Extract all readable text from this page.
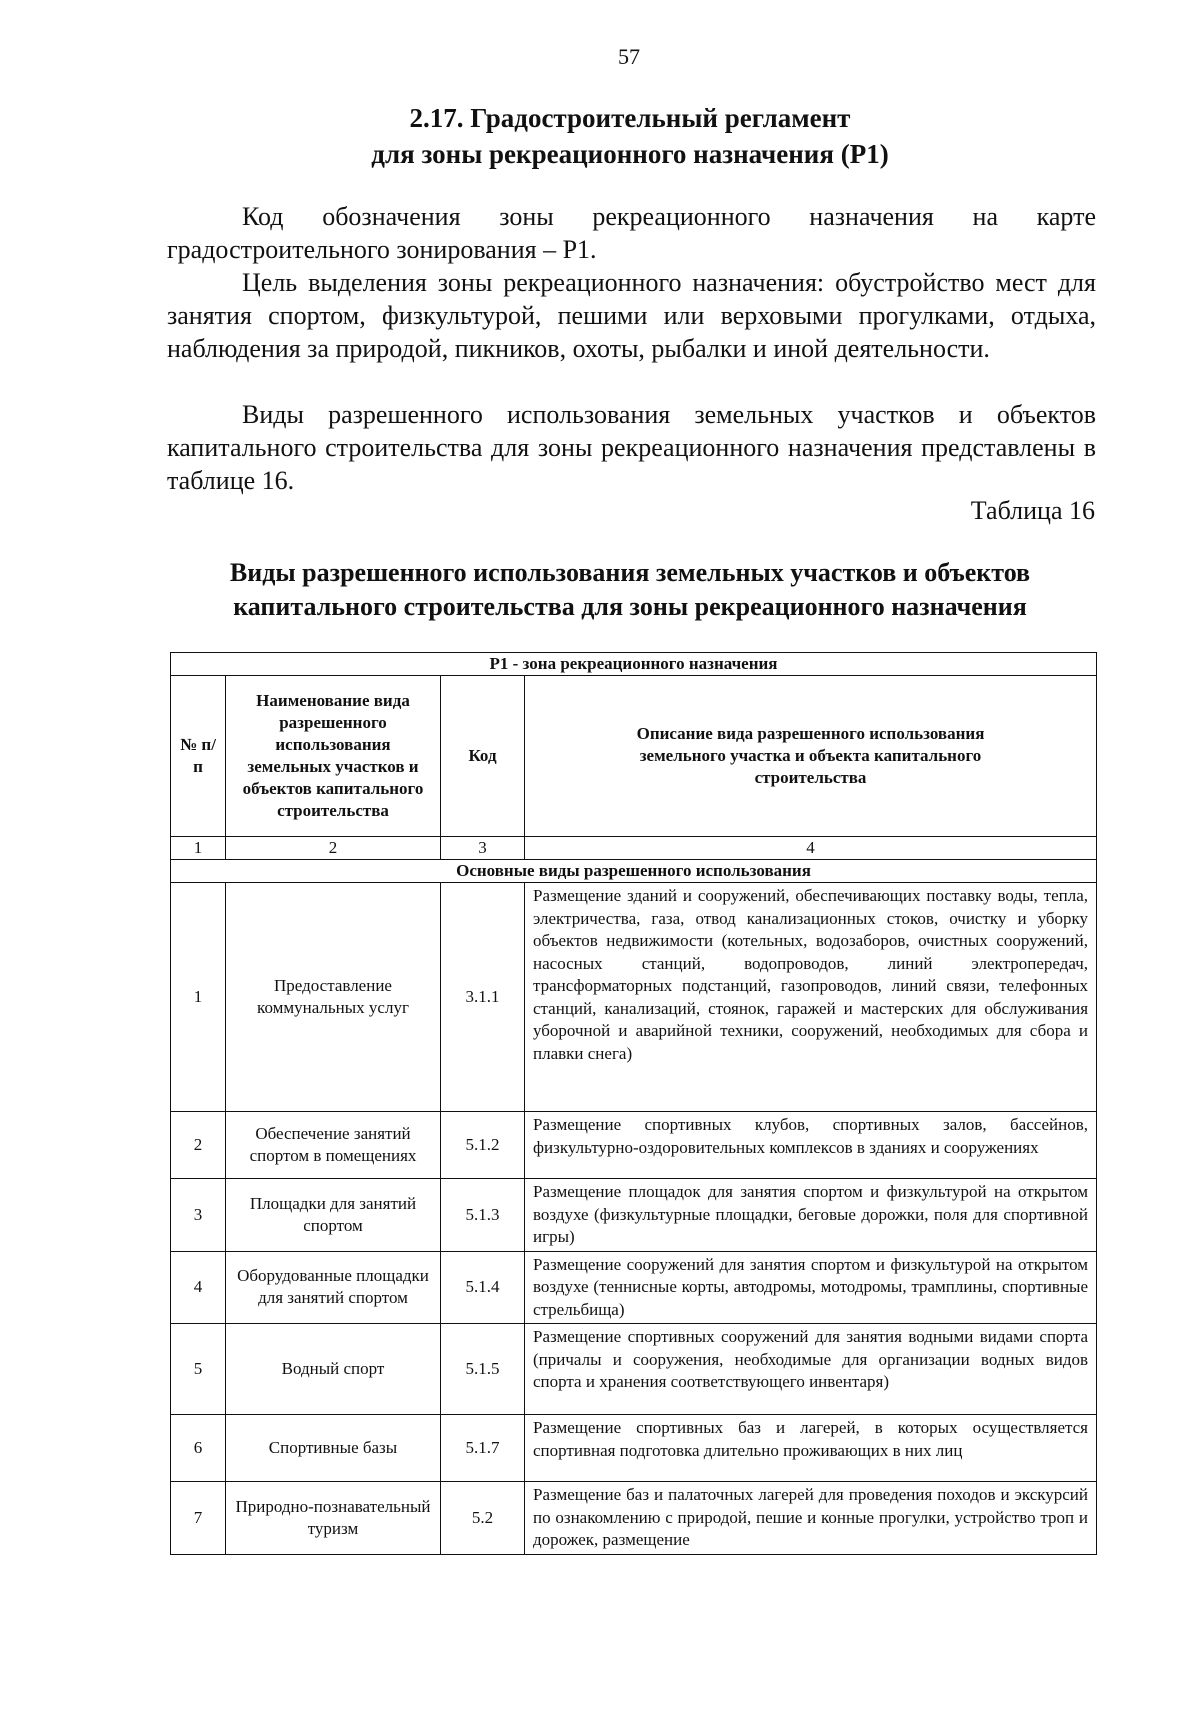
57
2.17. Градостроительный регламент
для зоны рекреационного назначения (Р1)

Код обозначения зоны рекреационного назначения на карте градостроительного зонирования – Р1.

Цель выделения зоны рекреационного назначения: обустройство мест для занятия спортом, физкультурой, пешими или верховыми прогулками, отдыха, наблюдения за природой, пикников, охоты, рыбалки и иной деятельности.

Виды разрешенного использования земельных участков и объектов капитального строительства для зоны рекреационного назначения представлены в таблице 16.

Таблица 16
Виды разрешенного использования земельных участков и объектов
капитального строительства для зоны рекреационного назначения
Р1 - зона рекреационного назначения			
№ п/п	Наименование вида разрешенного использования земельных участков и объектов капитального строительства	Код	Описание вида разрешенного использования земельного участка и объекта капитального строительства
1	2	3	4
Основные виды разрешенного использования			
1	Предоставление коммунальных услуг	3.1.1	Размещение зданий и сооружений, обеспечивающих поставку воды, тепла, электричества, газа, отвод канализационных стоков, очистку и уборку объектов недвижимости (котельных, водозаборов, очистных сооружений, насосных станций, водопроводов, линий электропередач, трансформаторных подстанций, газопроводов, линий связи, телефонных станций, канализаций, стоянок, гаражей и мастерских для обслуживания уборочной и аварийной техники, сооружений, необходимых для сбора и плавки снега)
2	Обеспечение занятий спортом в помещениях	5.1.2	Размещение спортивных клубов, спортивных залов, бассейнов, физкультурно-оздоровительных комплексов в зданиях и сооружениях
3	Площадки для занятий спортом	5.1.3	Размещение площадок для занятия спортом и физкультурой на открытом воздухе (физкультурные площадки, беговые дорожки, поля для спортивной игры)
4	Оборудованные площадки для занятий спортом	5.1.4	Размещение сооружений для занятия спортом и физкультурой на открытом воздухе (теннисные корты, автодромы, мотодромы, трамплины, спортивные стрельбища)
5	Водный спорт	5.1.5	Размещение спортивных сооружений для занятия водными видами спорта (причалы и сооружения, необходимые для организации водных видов спорта и хранения соответствующего инвентаря)
6	Спортивные базы	5.1.7	Размещение спортивных баз и лагерей, в которых осуществляется спортивная подготовка длительно проживающих в них лиц
7	Природно-познавательный туризм	5.2	Размещение баз и палаточных лагерей для проведения походов и экскурсий по ознакомлению с природой, пешие и конные прогулки, устройство троп и дорожек, размещение
